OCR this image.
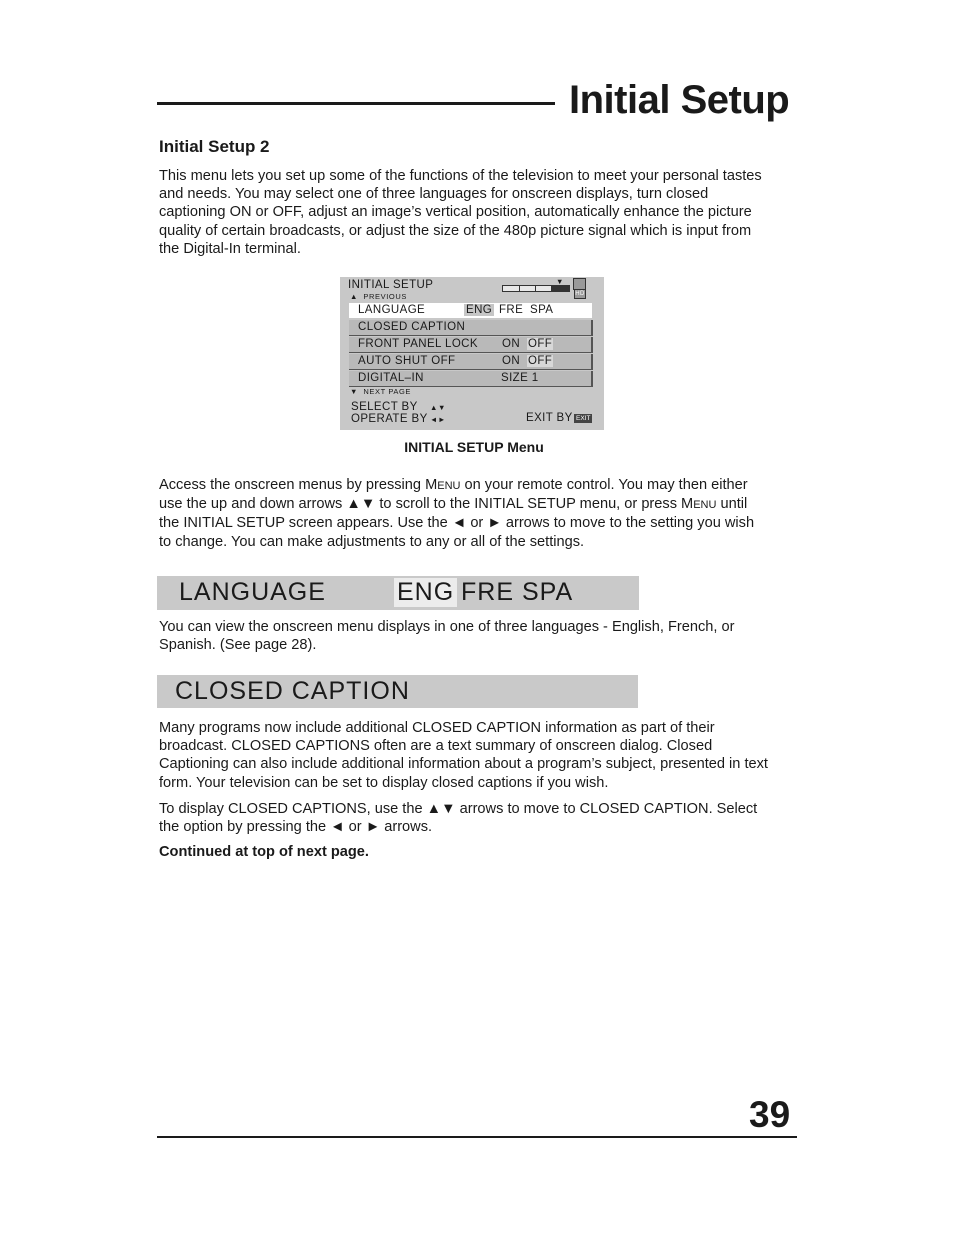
Initial Setup
Initial Setup 2

This menu lets you set up some of the functions of the television to meet your personal tastes

and needs. You may select one of three languages for onscreen displays, turn closed

captioning ON or OFF, adjust an image’s vertical position, automatically enhance the picture

quality of certain broadcasts, or adjust the size of the 480p picture signal which is input from

the Digital-In terminal.

INITIAL SETUP
▲  PREVIOUS
▼
HD
LANGUAGE	ENG FRE SPA
CLOSED CAPTION
FRONT PANEL LOCK ON OFF
AUTO SHUT OFF	ON OFF
DIGITAL–IN	SIZE 1
▼  NEXT PAGE
SELECT BY ▲▼
OPERATE BY ◄►	EXIT BY EXIT
INITIAL SETUP Menu

Access the onscreen menus by pressing MENU on your remote control. You may then either

use the up and down arrows ▲▼ to scroll to the INITIAL SETUP menu, or press MENU until

the INITIAL SETUP screen appears. Use the ◄ or ► arrows to move to the setting you wish

to change. You can make adjustments to any or all of the settings.

LANGUAGE	ENG FRE SPA

You can view the onscreen menu displays in one of three languages - English, French, or

Spanish. (See page 28).

CLOSED CAPTION

Many programs now include additional CLOSED CAPTION information as part of their

broadcast. CLOSED CAPTIONS often are a text summary of onscreen dialog. Closed

Captioning can also include additional information about a program’s subject, presented in text

form. Your television can be set to display closed captions if you wish.

To display CLOSED CAPTIONS, use the ▲▼ arrows to move to CLOSED CAPTION. Select

the option by pressing the ◄ or ► arrows.

Continued at top of next page.
39
